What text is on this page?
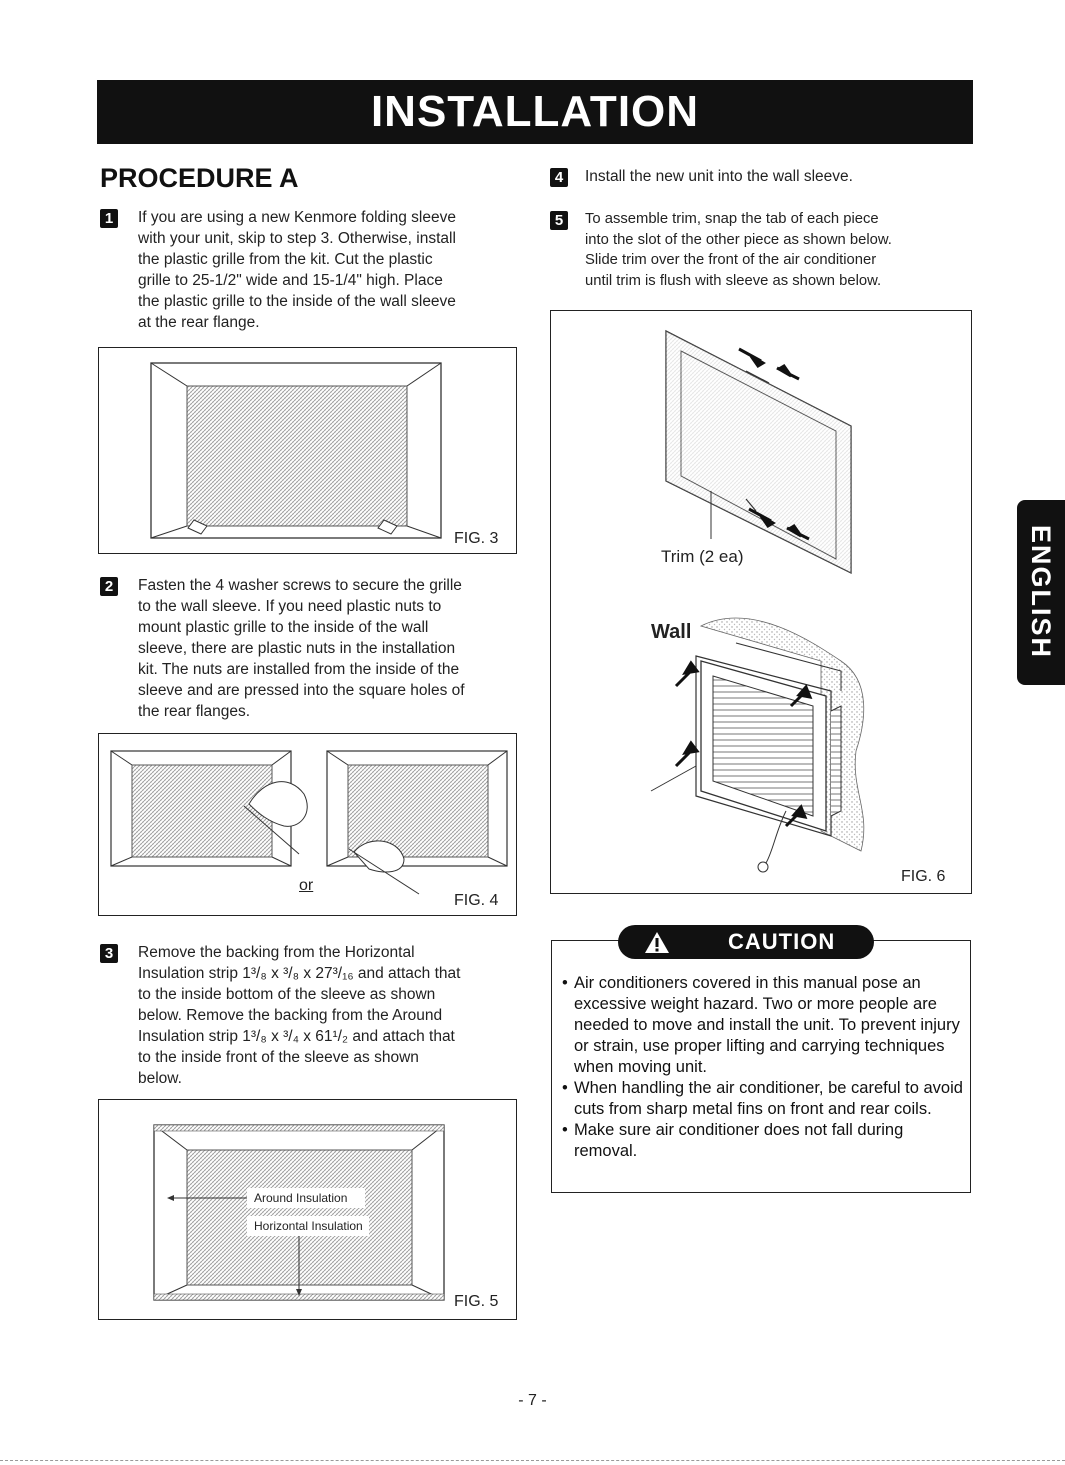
INSTALLATION
PROCEDURE A
1	If you are using a new Kenmore folding sleeve
with your unit, skip to step 3. Otherwise, install
the plastic grille from the kit. Cut the plastic
grille to 25-1/2" wide and 15-1/4" high. Place
the plastic grille to the inside of the wall sleeve
at the rear flange.
FIG. 3
2	Fasten the 4 washer screws to secure the grille
to the wall sleeve. If you need plastic nuts to
mount plastic grille to the inside of the wall
sleeve, there are plastic nuts in the installation
kit. The nuts are installed from the inside of the
sleeve and are pressed into the square holes of
the rear flanges.
or
FIG. 4
3	Remove the backing from the Horizontal
Insulation strip 1³/₈ x ³/₈ x 27³/₁₆ and attach that
to the inside bottom of the sleeve as shown
below. Remove the backing from the Around
Insulation strip 1³/₈ x ³/₄ x 61¹/₂ and attach that
to the inside front of the sleeve as shown
below.
Around Insulation
Horizontal Insulation
FIG. 5
4	Install the new unit into the wall sleeve.
5	To assemble trim, snap the tab of each piece
into the slot of the other piece as shown below.
Slide trim over the front of the air conditioner
until trim is flush with sleeve as shown below.
Trim (2 ea)
Wall
FIG. 6
ENGLISH
CAUTION
• Air conditioners covered in this manual pose an excessive weight hazard. Two or more people are needed to move and install the unit. To prevent injury or strain, use proper lifting and carrying techniques when moving unit.
• When handling the air conditioner, be careful to avoid cuts from sharp metal fins on front and rear coils.
• Make sure air conditioner does not fall during removal.
- 7 -
